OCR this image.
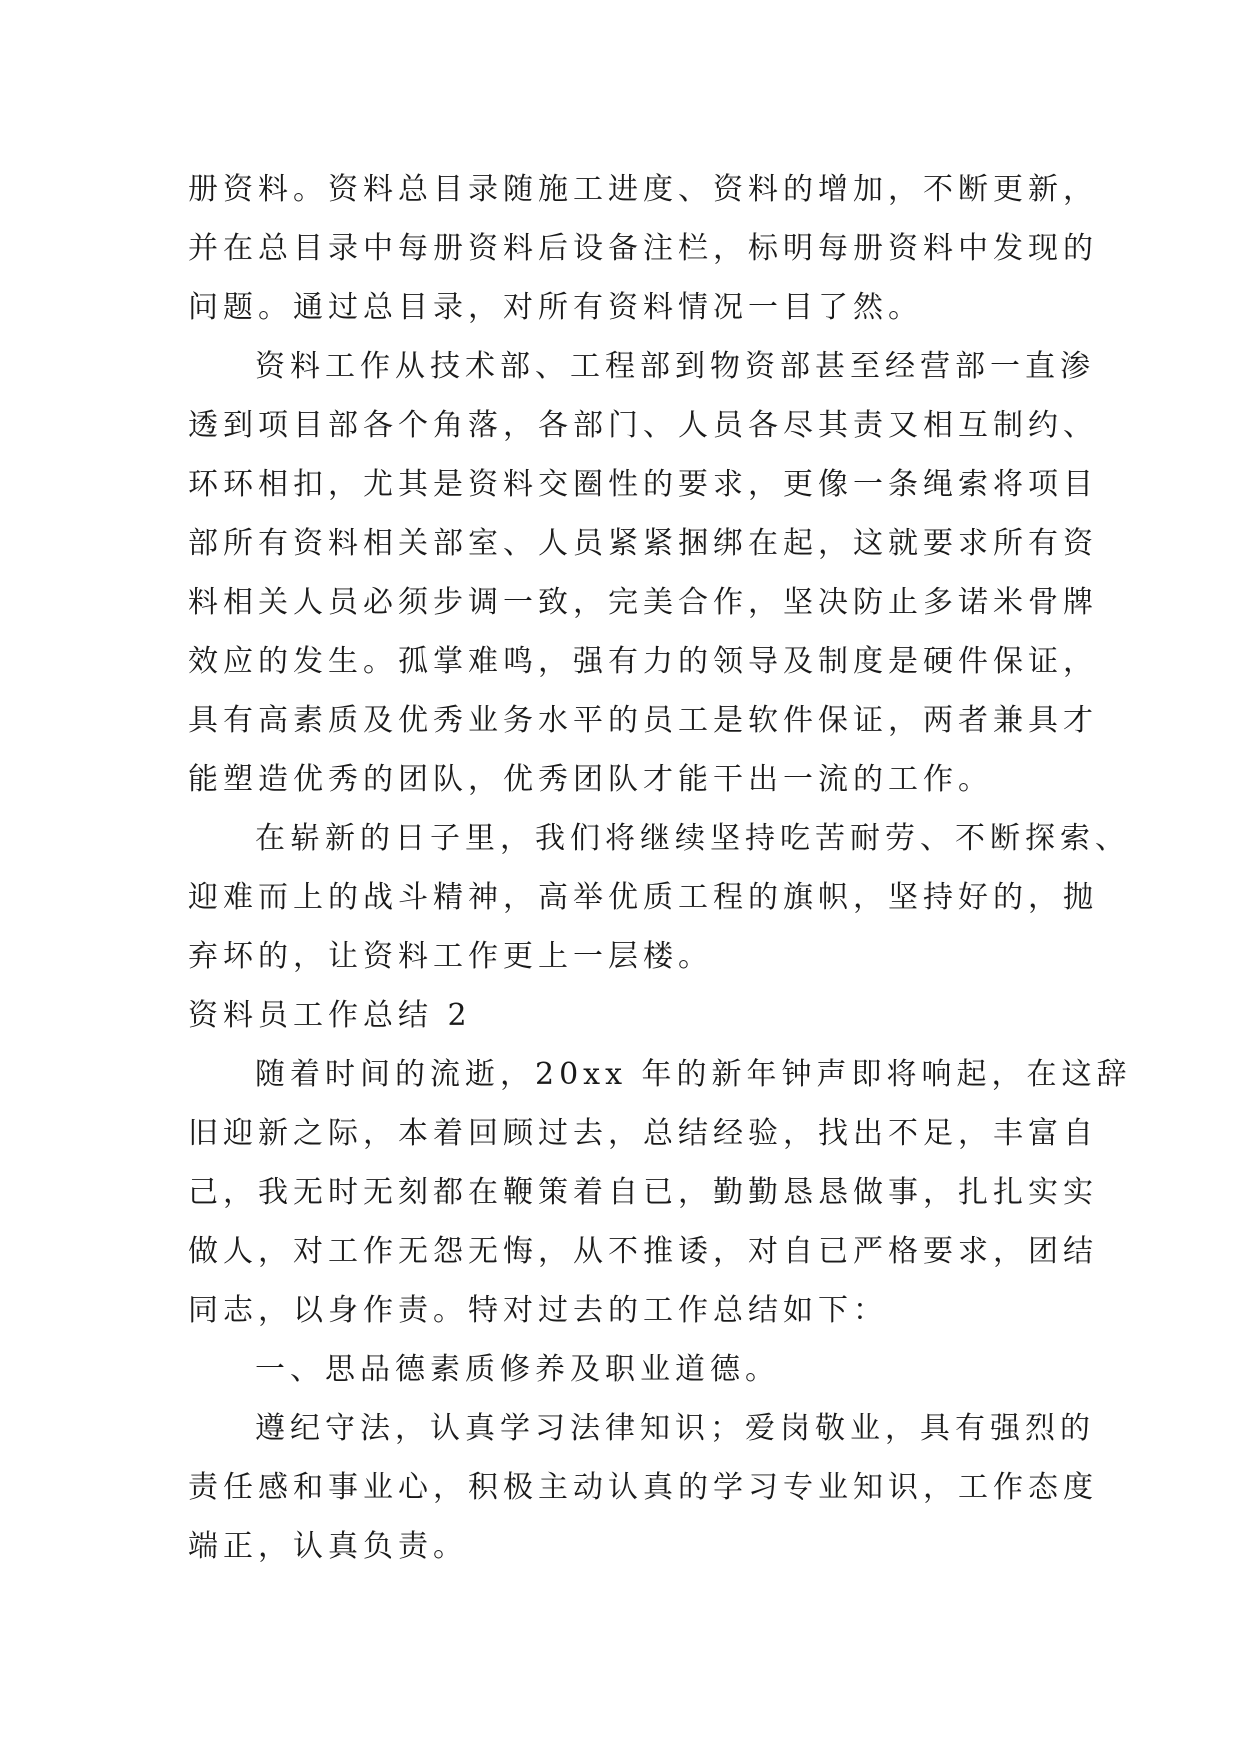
册资料。资料总目录随施工进度、资料的增加，不断更新，
并在总目录中每册资料后设备注栏，标明每册资料中发现的
问题。通过总目录，对所有资料情况一目了然。
资料工作从技术部、工程部到物资部甚至经营部一直渗
透到项目部各个角落，各部门、人员各尽其责又相互制约、
环环相扣，尤其是资料交圈性的要求，更像一条绳索将项目
部所有资料相关部室、人员紧紧捆绑在起，这就要求所有资
料相关人员必须步调一致，完美合作，坚决防止多诺米骨牌
效应的发生。孤掌难鸣，强有力的领导及制度是硬件保证，
具有高素质及优秀业务水平的员工是软件保证，两者兼具才
能塑造优秀的团队，优秀团队才能干出一流的工作。
在崭新的日子里，我们将继续坚持吃苦耐劳、不断探索、
迎难而上的战斗精神，高举优质工程的旗帜，坚持好的，抛
弃坏的，让资料工作更上一层楼。
资料员工作总结 2
随着时间的流逝，20xx 年的新年钟声即将响起，在这辞
旧迎新之际，本着回顾过去，总结经验，找出不足，丰富自
己，我无时无刻都在鞭策着自已，勤勤恳恳做事，扎扎实实
做人，对工作无怨无悔，从不推诿，对自已严格要求，团结
同志，以身作责。特对过去的工作总结如下：
一、思品德素质修养及职业道德。
遵纪守法，认真学习法律知识；爱岗敬业，具有强烈的
责任感和事业心，积极主动认真的学习专业知识，工作态度
端正，认真负责。
